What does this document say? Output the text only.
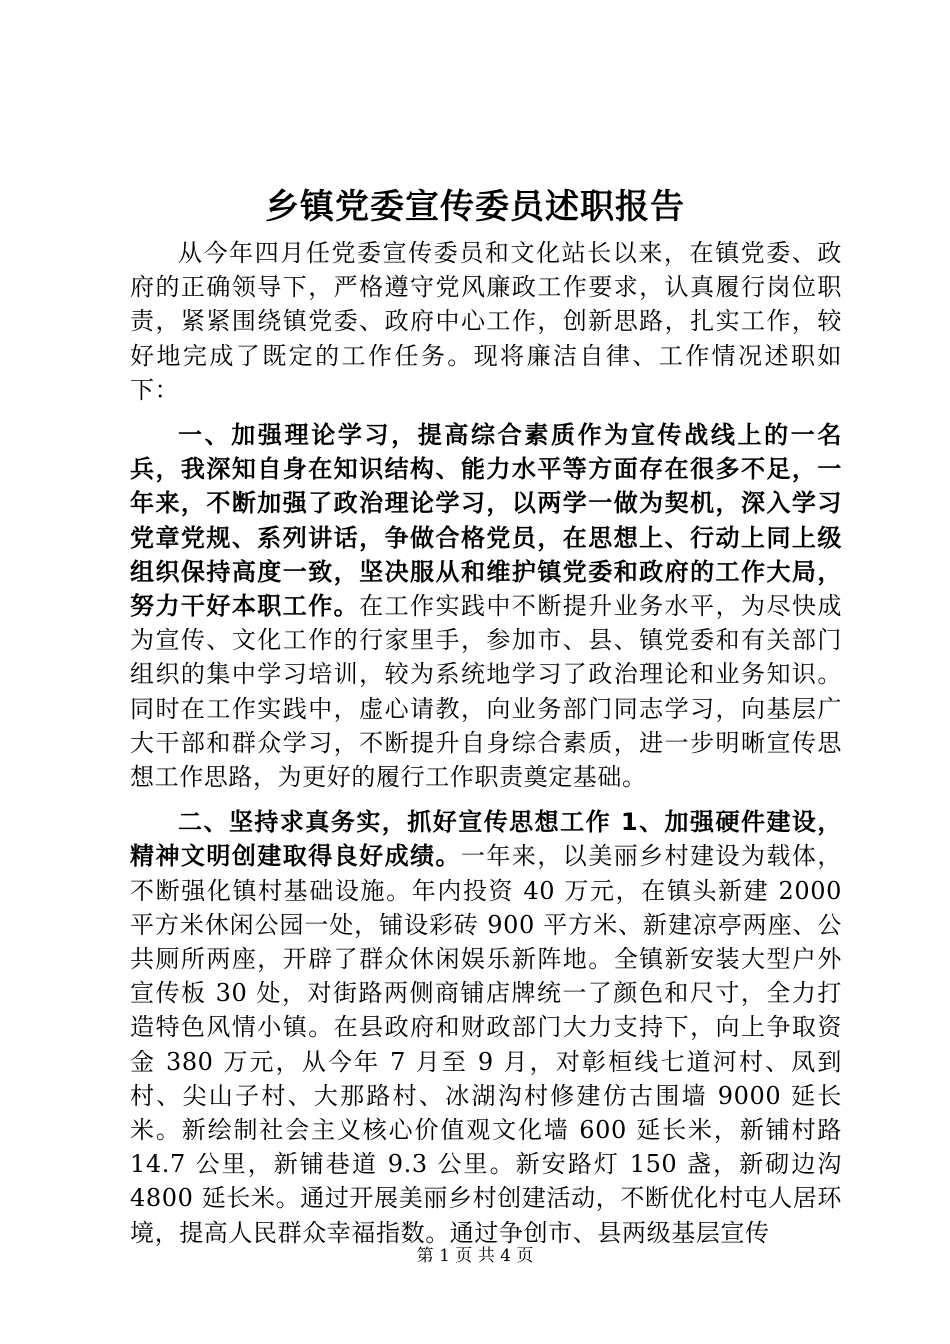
乡镇党委宣传委员述职报告

从今年四月任党委宣传委员和文化站长以来，在镇党委、政府的正确领导下，严格遵守党风廉政工作要求，认真履行岗位职责，紧紧围绕镇党委、政府中心工作，创新思路，扎实工作，较好地完成了既定的工作任务。现将廉洁自律、工作情况述职如下：

一、加强理论学习，提高综合素质作为宣传战线上的一名兵，我深知自身在知识结构、能力水平等方面存在很多不足，一年来，不断加强了政治理论学习，以两学一做为契机，深入学习党章党规、系列讲话，争做合格党员，在思想上、行动上同上级组织保持高度一致，坚决服从和维护镇党委和政府的工作大局，努力干好本职工作。在工作实践中不断提升业务水平，为尽快成为宣传、文化工作的行家里手，参加市、县、镇党委和有关部门组织的集中学习培训，较为系统地学习了政治理论和业务知识。同时在工作实践中，虚心请教，向业务部门同志学习，向基层广大干部和群众学习，不断提升自身综合素质，进一步明晰宣传思想工作思路，为更好的履行工作职责奠定基础。

二、坚持求真务实，抓好宣传思想工作 1、加强硬件建设，精神文明创建取得良好成绩。一年来，以美丽乡村建设为载体，不断强化镇村基础设施。年内投资 40 万元，在镇头新建 2000 平方米休闲公园一处，铺设彩砖 900 平方米、新建凉亭两座、公共厕所两座，开辟了群众休闲娱乐新阵地。全镇新安装大型户外宣传板 30 处，对街路两侧商铺店牌统一了颜色和尺寸，全力打造特色风情小镇。在县政府和财政部门大力支持下，向上争取资金 380 万元，从今年 7 月至 9 月，对彰桓线七道河村、凤到村、尖山子村、大那路村、冰湖沟村修建仿古围墙 9000 延长米。新绘制社会主义核心价值观文化墙 600 延长米，新铺村路 14.7 公里，新铺巷道 9.3 公里。新安路灯 150 盏，新砌边沟 4800 延长米。通过开展美丽乡村创建活动，不断优化村屯人居环境，提高人民群众幸福指数。通过争创市、县两级基层宣传

第 1 页 共 4 页
